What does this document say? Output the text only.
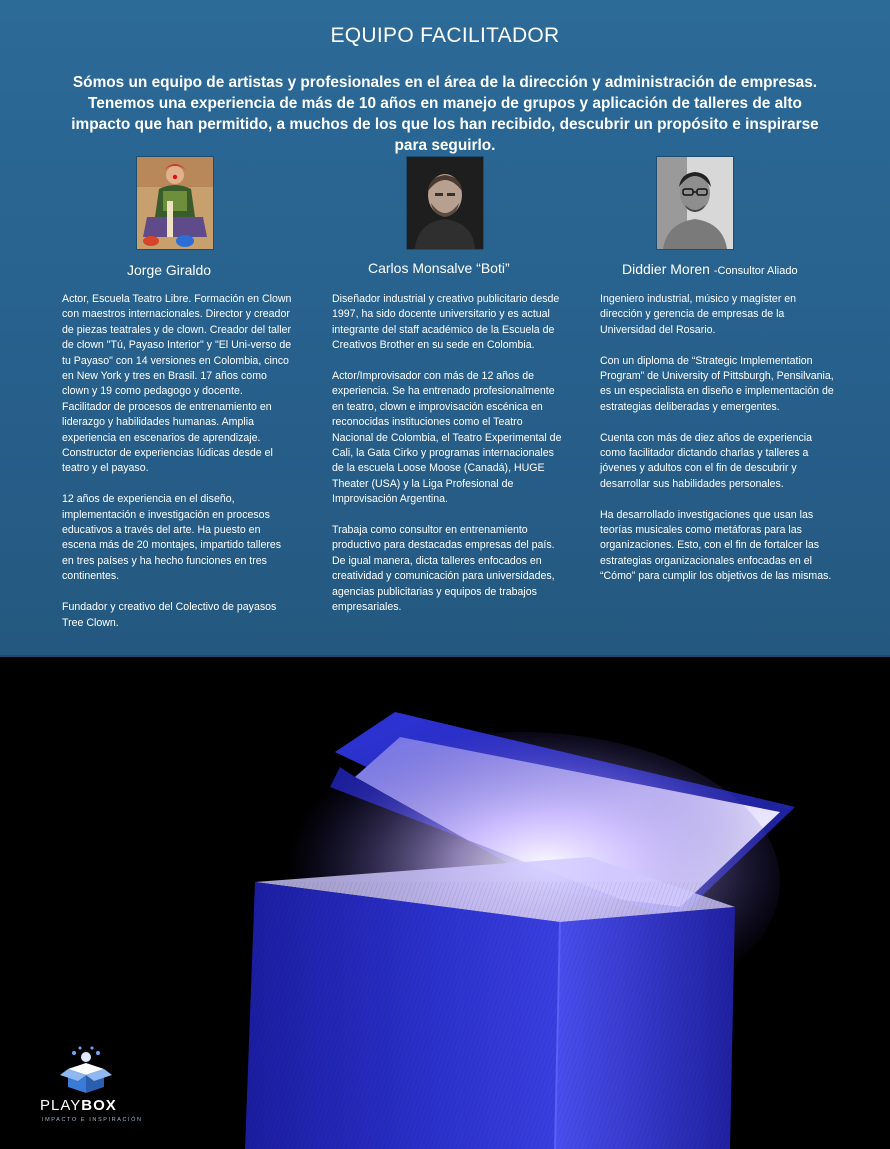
EQUIPO FACILITADOR
Sómos un equipo de artistas y profesionales en el área de la dirección y administración de empresas. Tenemos una experiencia de más de 10 años en manejo de grupos y aplicación de talleres de alto impacto que han permitido, a muchos de los que los han recibido, descubrir un propósito e inspirarse para seguirlo.
Jorge Giraldo	Carlos Monsalve “Boti”	Diddier Moren -Consultor Aliado

Actor, Escuela Teatro Libre. Formación en Clown con maestros internacionales. Director y creador de piezas teatrales y de clown. Creador del taller de clown "Tú, Payaso Interior" y "El Uni-verso de tu Payaso" con 14 versiones en Colombia, cinco en New York y tres en Brasil. 17 años como clown y 19 como pedagogo y docente. Facilitador de procesos de entrenamiento en liderazgo y habilidades humanas. Amplia experiencia en escenarios de aprendizaje. Constructor de experiencias lúdicas desde el teatro y el payaso.

12 años de experiencia en el diseño, implementación e investigación en procesos educativos a través del arte. Ha puesto en escena más de 20 montajes, impartido talleres en tres países y ha hecho funciones en tres continentes.

Fundador y creativo del Colectivo de payasos Tree Clown.

Diseñador industrial y creativo publicitario desde 1997, ha sido docente universitario y es actual integrante del staff académico de la Escuela de Creativos Brother en su sede en Colombia.

Actor/Improvisador con más de 12 años de experiencia. Se ha entrenado profesionalmente en teatro, clown e improvisación escénica en reconocidas instituciones como el Teatro Nacional de Colombia, el Teatro Experimental de Cali, la Gata Cirko y programas internacionales de la escuela Loose Moose (Canadá), HUGE Theater (USA) y la Liga Profesional de Improvisación Argentina.

Trabaja como consultor en entrenamiento productivo para destacadas empresas del país. De igual manera, dicta talleres enfocados en creatividad y comunicación para universidades, agencias publicitarias y equipos de trabajos empresariales.

Ingeniero industrial, músico y magíster en dirección y gerencia de empresas de la Universidad del Rosario.

Con un diploma de “Strategic Implementation Program” de University of Pittsburgh, Pensilvania, es un especialista en diseño e implementación de estrategias deliberadas y emergentes.

Cuenta con más de diez años de experiencia como facilitador dictando charlas y talleres a jóvenes y adultos con el fin de descubrir y desarrollar sus habilidades personales.

Ha desarrollado investigaciones que usan las teorías musicales como metáforas para las organizaciones. Esto, con el fin de fortalcer las estrategias organizacionales enfocadas en el “Cómo” para cumplir los objetivos de las mismas.

PLAYBOX
IMPACTO E INSPIRACIÓN
